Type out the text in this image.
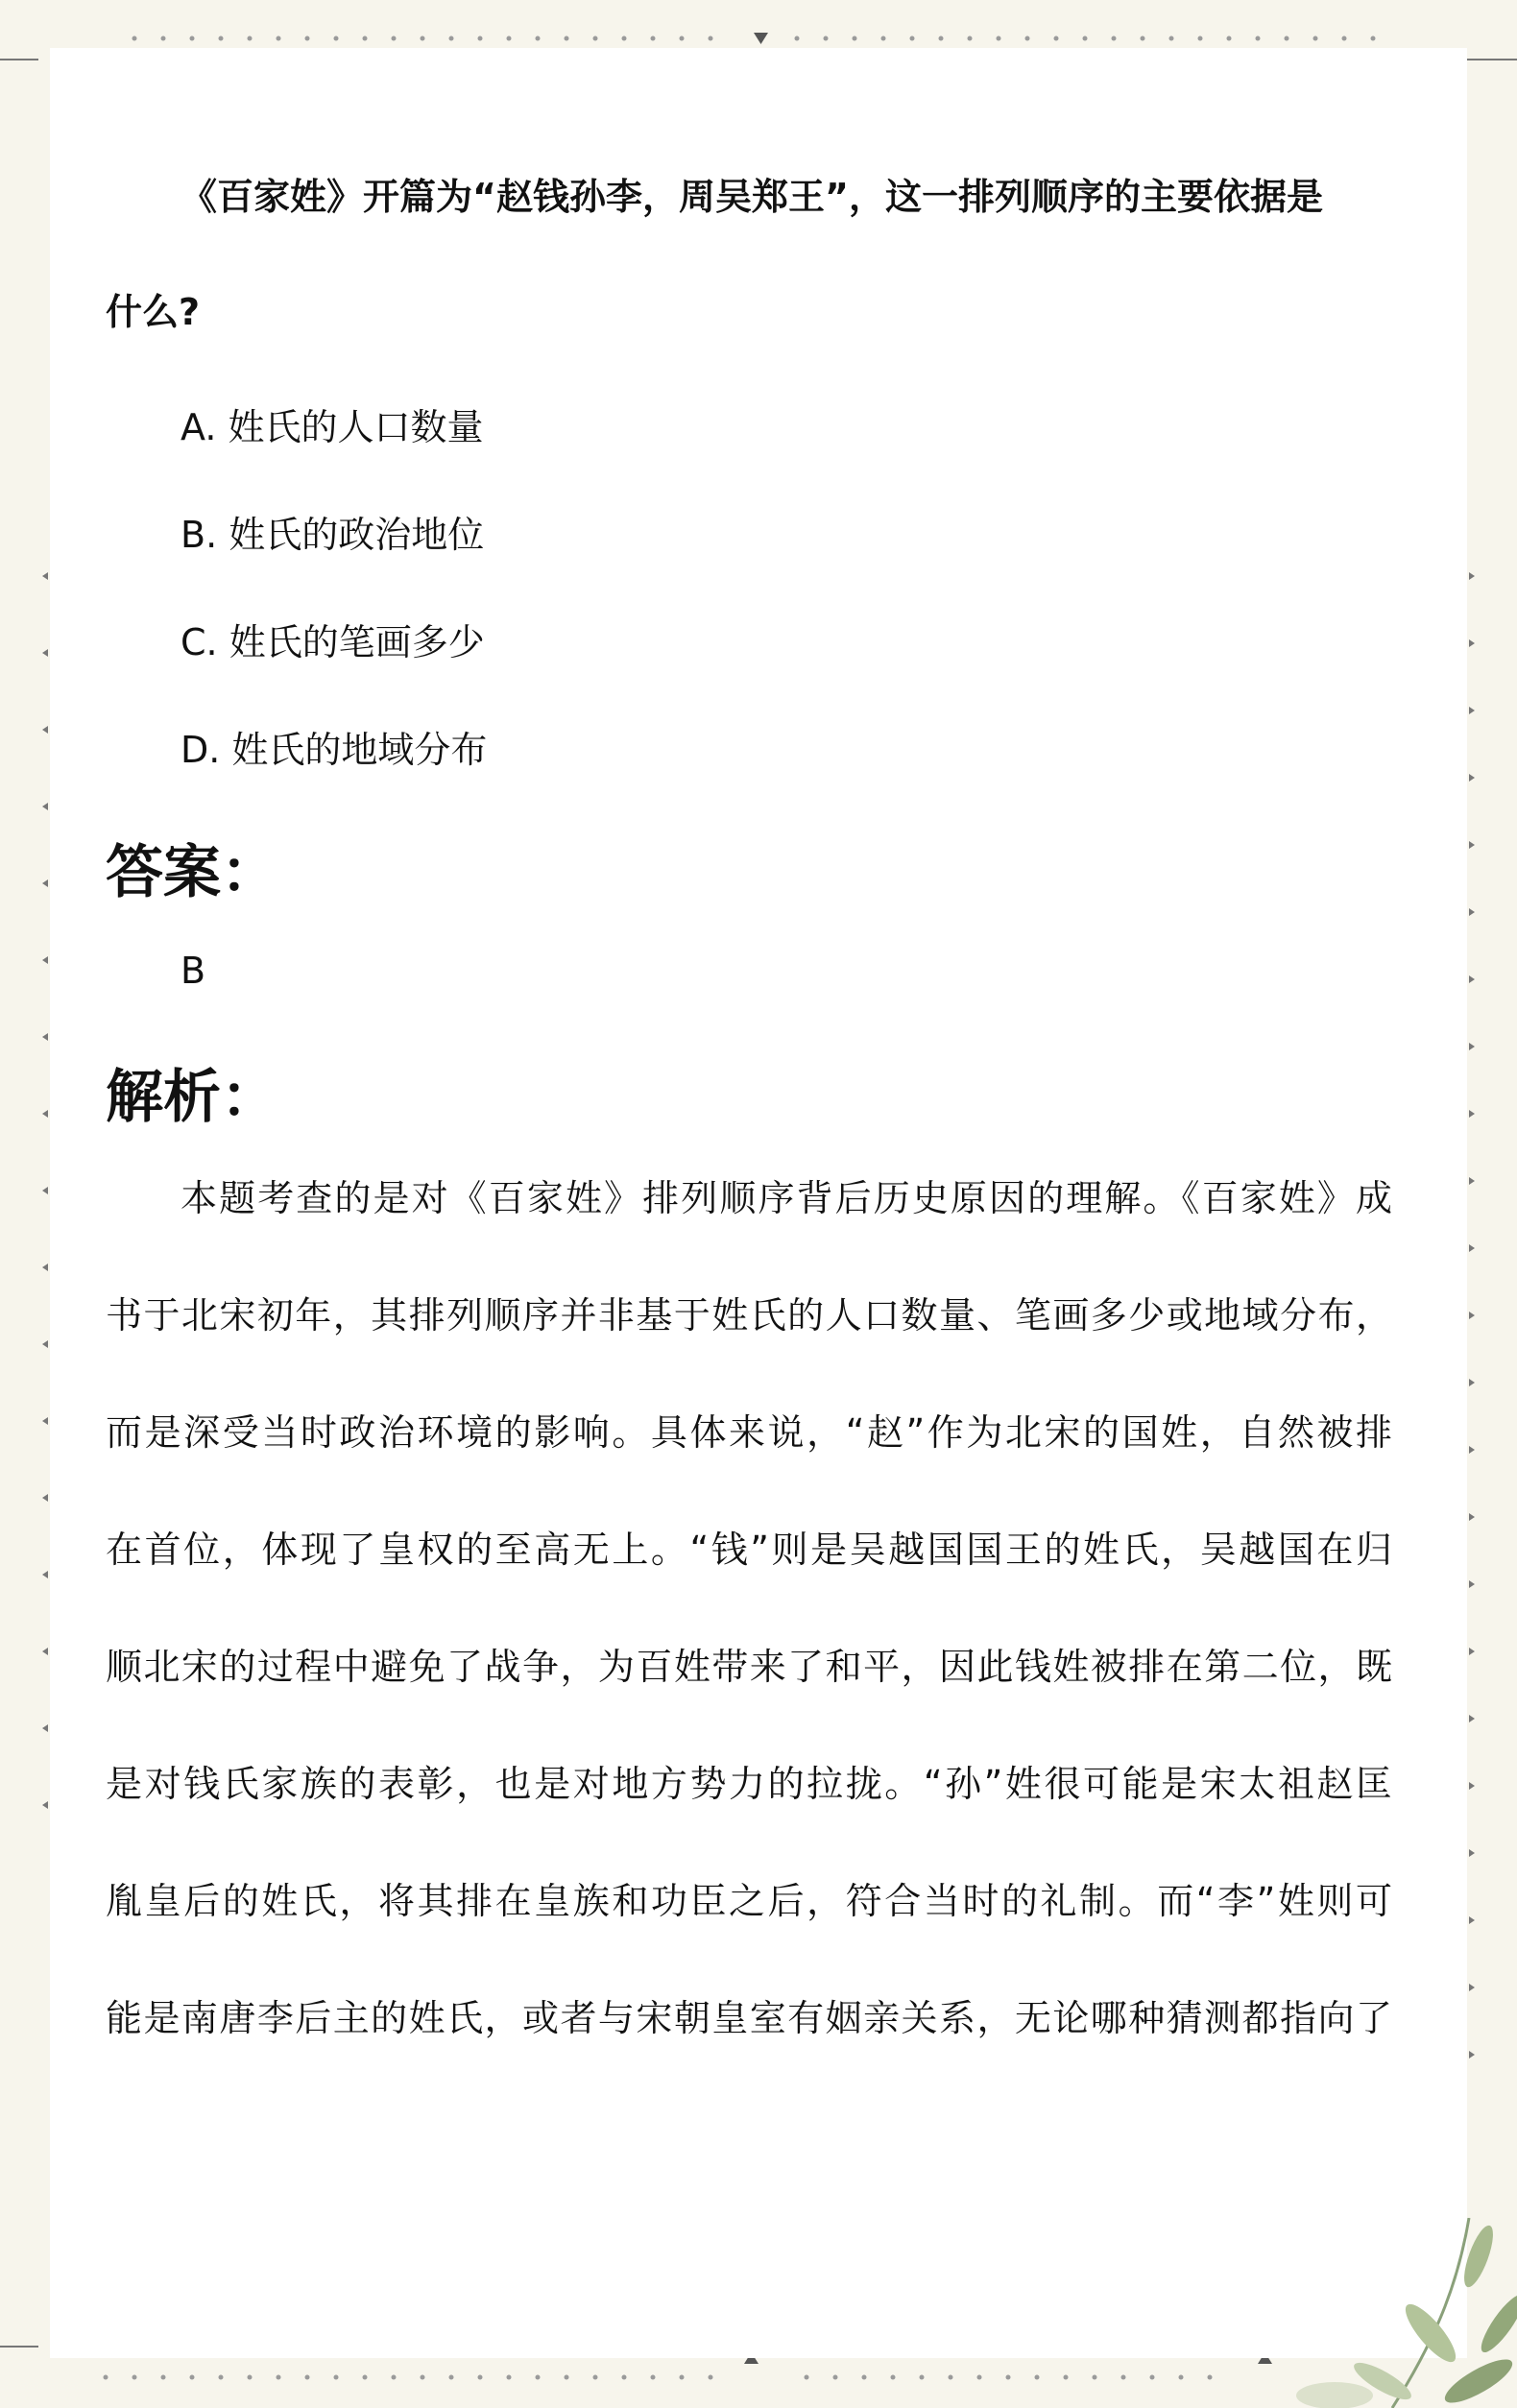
《百家姓》开篇为“赵钱孙李，周吴郑王”，这一排列顺序的主要依据是

什么?

A. 姓氏的人口数量

B. 姓氏的政治地位

C. 姓氏的笔画多少

D. 姓氏的地域分布

答案：

B

解析：

本题考查的是对《百家姓》排列顺序背后历史原因的理解。《百家姓》成

书于北宋初年，其排列顺序并非基于姓氏的人口数量、笔画多少或地域分布，

而是深受当时政治环境的影响。具体来说，“赵”作为北宋的国姓，自然被排

在首位，体现了皇权的至高无上。“钱”则是吴越国国王的姓氏，吴越国在归

顺北宋的过程中避免了战争，为百姓带来了和平，因此钱姓被排在第二位，既

是对钱氏家族的表彰，也是对地方势力的拉拢。“孙”姓很可能是宋太祖赵匡

胤皇后的姓氏，将其排在皇族和功臣之后，符合当时的礼制。而“李”姓则可

能是南唐李后主的姓氏，或者与宋朝皇室有姻亲关系，无论哪种猜测都指向了
